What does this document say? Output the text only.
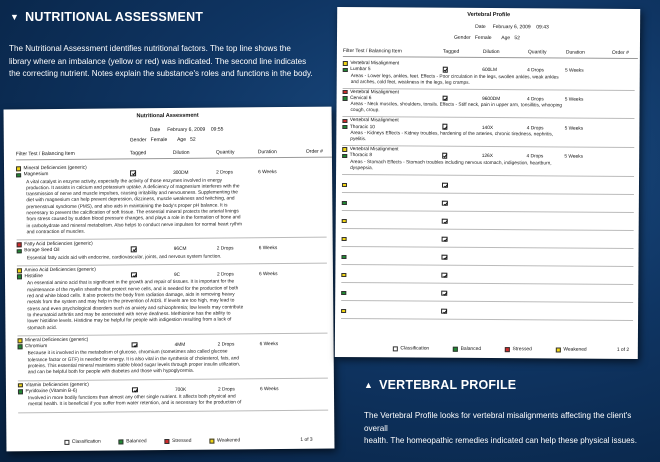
▼ NUTRITIONAL ASSESSMENT
The Nutritional Assessment identifies nutritional factors. The top line shows the
library where an imbalance (yellow or red) was indicated. The second line indicates
the correcting nutrient. Notes explain the substance's roles and functions in the body.
▲ VERTEBRAL PROFILE
The Vertebral Profile looks for vertebral misalignments affecting the client's overall
health. The homeopathic remedies indicated can help these physical issues.
Nutritional Assessment
Date February 6, 2009 09:55
Gender Female Age 52
Filter Test / Balancing Item	Tagged	Dilution	Quantity	Duration	Order #
Mineral Deficiencies (generic)
Magnesium	300DM	2 Drops	6 Weeks
A vital catalyst in enzyme activity, especially the activity of those enzymes involved in energy
production. It assists in calcium and potassium uptake. A deficiency of magnesium interferes with the
transmission of nerve and muscle impulses, causing irritability and nervousness. Supplementing the
diet with magnesium can help prevent depression, dizziness, muscle weakness and twitching, and
premenstrual syndrome (PMS), and also aids in maintaining the body's proper pH balance. It is
necessary to prevent the calcification of soft tissue. The essential mineral protects the arterial linings
from stress caused by sudden blood pressure changes, and plays a role in the formation of bone and
in carbohydrate and mineral metabolism. Also helps to conduct nerve impulses for normal heart rythm
and contraction of muscles.
Fatty Acid Deficiencies (generic)
Borage Seed Oil	96CM	2 Drops	6 Weeks
Essential fatty acids aid with endocrine, cardiovascular, joints, and nervous system function.
Amino Acid Deficiencies (generic)
Histidine	9C	2 Drops	6 Weeks
An essential amino acid that is significant in the growth and repair of tissues. It is important for the
maintenance of the myelin sheaths that protect nerve cells, and is needed for the production of both
red and white blood cells. It also protects the body from radiation damage, aids in removing heavy
metals from the system and may help in the prevention of AIDS. If levels are too high, may lead to
stress and even psychological disorders such as anxiety and schizophrenia; low levels may contribute
to rheumatoid arthritis and may be associated with nerve deafness. Methionine has the ability to
lower histidine levels. Histidine may be helpful for people with indigestion resulting from a lack of
stomach acid.
Mineral Deficiencies (generic)
Chromium	4MM	2 Drops	6 Weeks
Because it is involved in the metabolism of glucose, chromium (sometimes also called glucose
tolerance factor or GTF) is needed for energy. It is also vital in the synthesis of cholesterol, fats, and
proteins. This essential mineral maintains stable blood sugar levels through proper insulin utilization,
and can be helpful both for people with diabetes and those with hypoglycemia.
Vitamin Deficiencies (generic)
Pyridoxine (Vitamin B-6)	700K	2 Drops	6 Weeks
Involved in more bodily functions than almost any other single nutrient. It affects both physical and
mental health. It is beneficial if you suffer from water retention, and is necessary for the production of
Classification	Balanced	Stressed	Weakened	1 of 3
Vertebral Profile
Date February 6, 2009 09:43
Gender Female Age 52
Filter Test / Balancing Item	Tagged	Dilution	Quantity	Duration	Order #
Vertebral Misalignment
Lumbar 5	600LM	4 Drops	5 Weeks
Areas - Lower legs, ankles, feet. Effects - Poor circulation in the legs, swollen ankles, weak ankles
and arches, cold feet, weakness in the legs, leg cramps.
Vertebral Misalignment
Cervical 6	9600DM	4 Drops	5 Weeks
Areas - Neck muscles, shoulders, tonsils. Effects - Stiff neck, pain in upper arm, tonsillitis, whooping
cough, croup.
Vertebral Misalignment
Thoracic 10	140X	4 Drops	5 Weeks
Areas - Kidneys Effects - Kidney troubles, hardening of the arteries, chronic tiredness, nephritis,
pyelitis.
Vertebral Misalignment
Thoracic 8	126X	4 Drops	5 Weeks
Areas - Stomach Effects - Stomach troubles including nervous stomach, indigestion, heartburn,
dyspepsia.
Classification	Balanced	Stressed	Weakened	1 of 2
